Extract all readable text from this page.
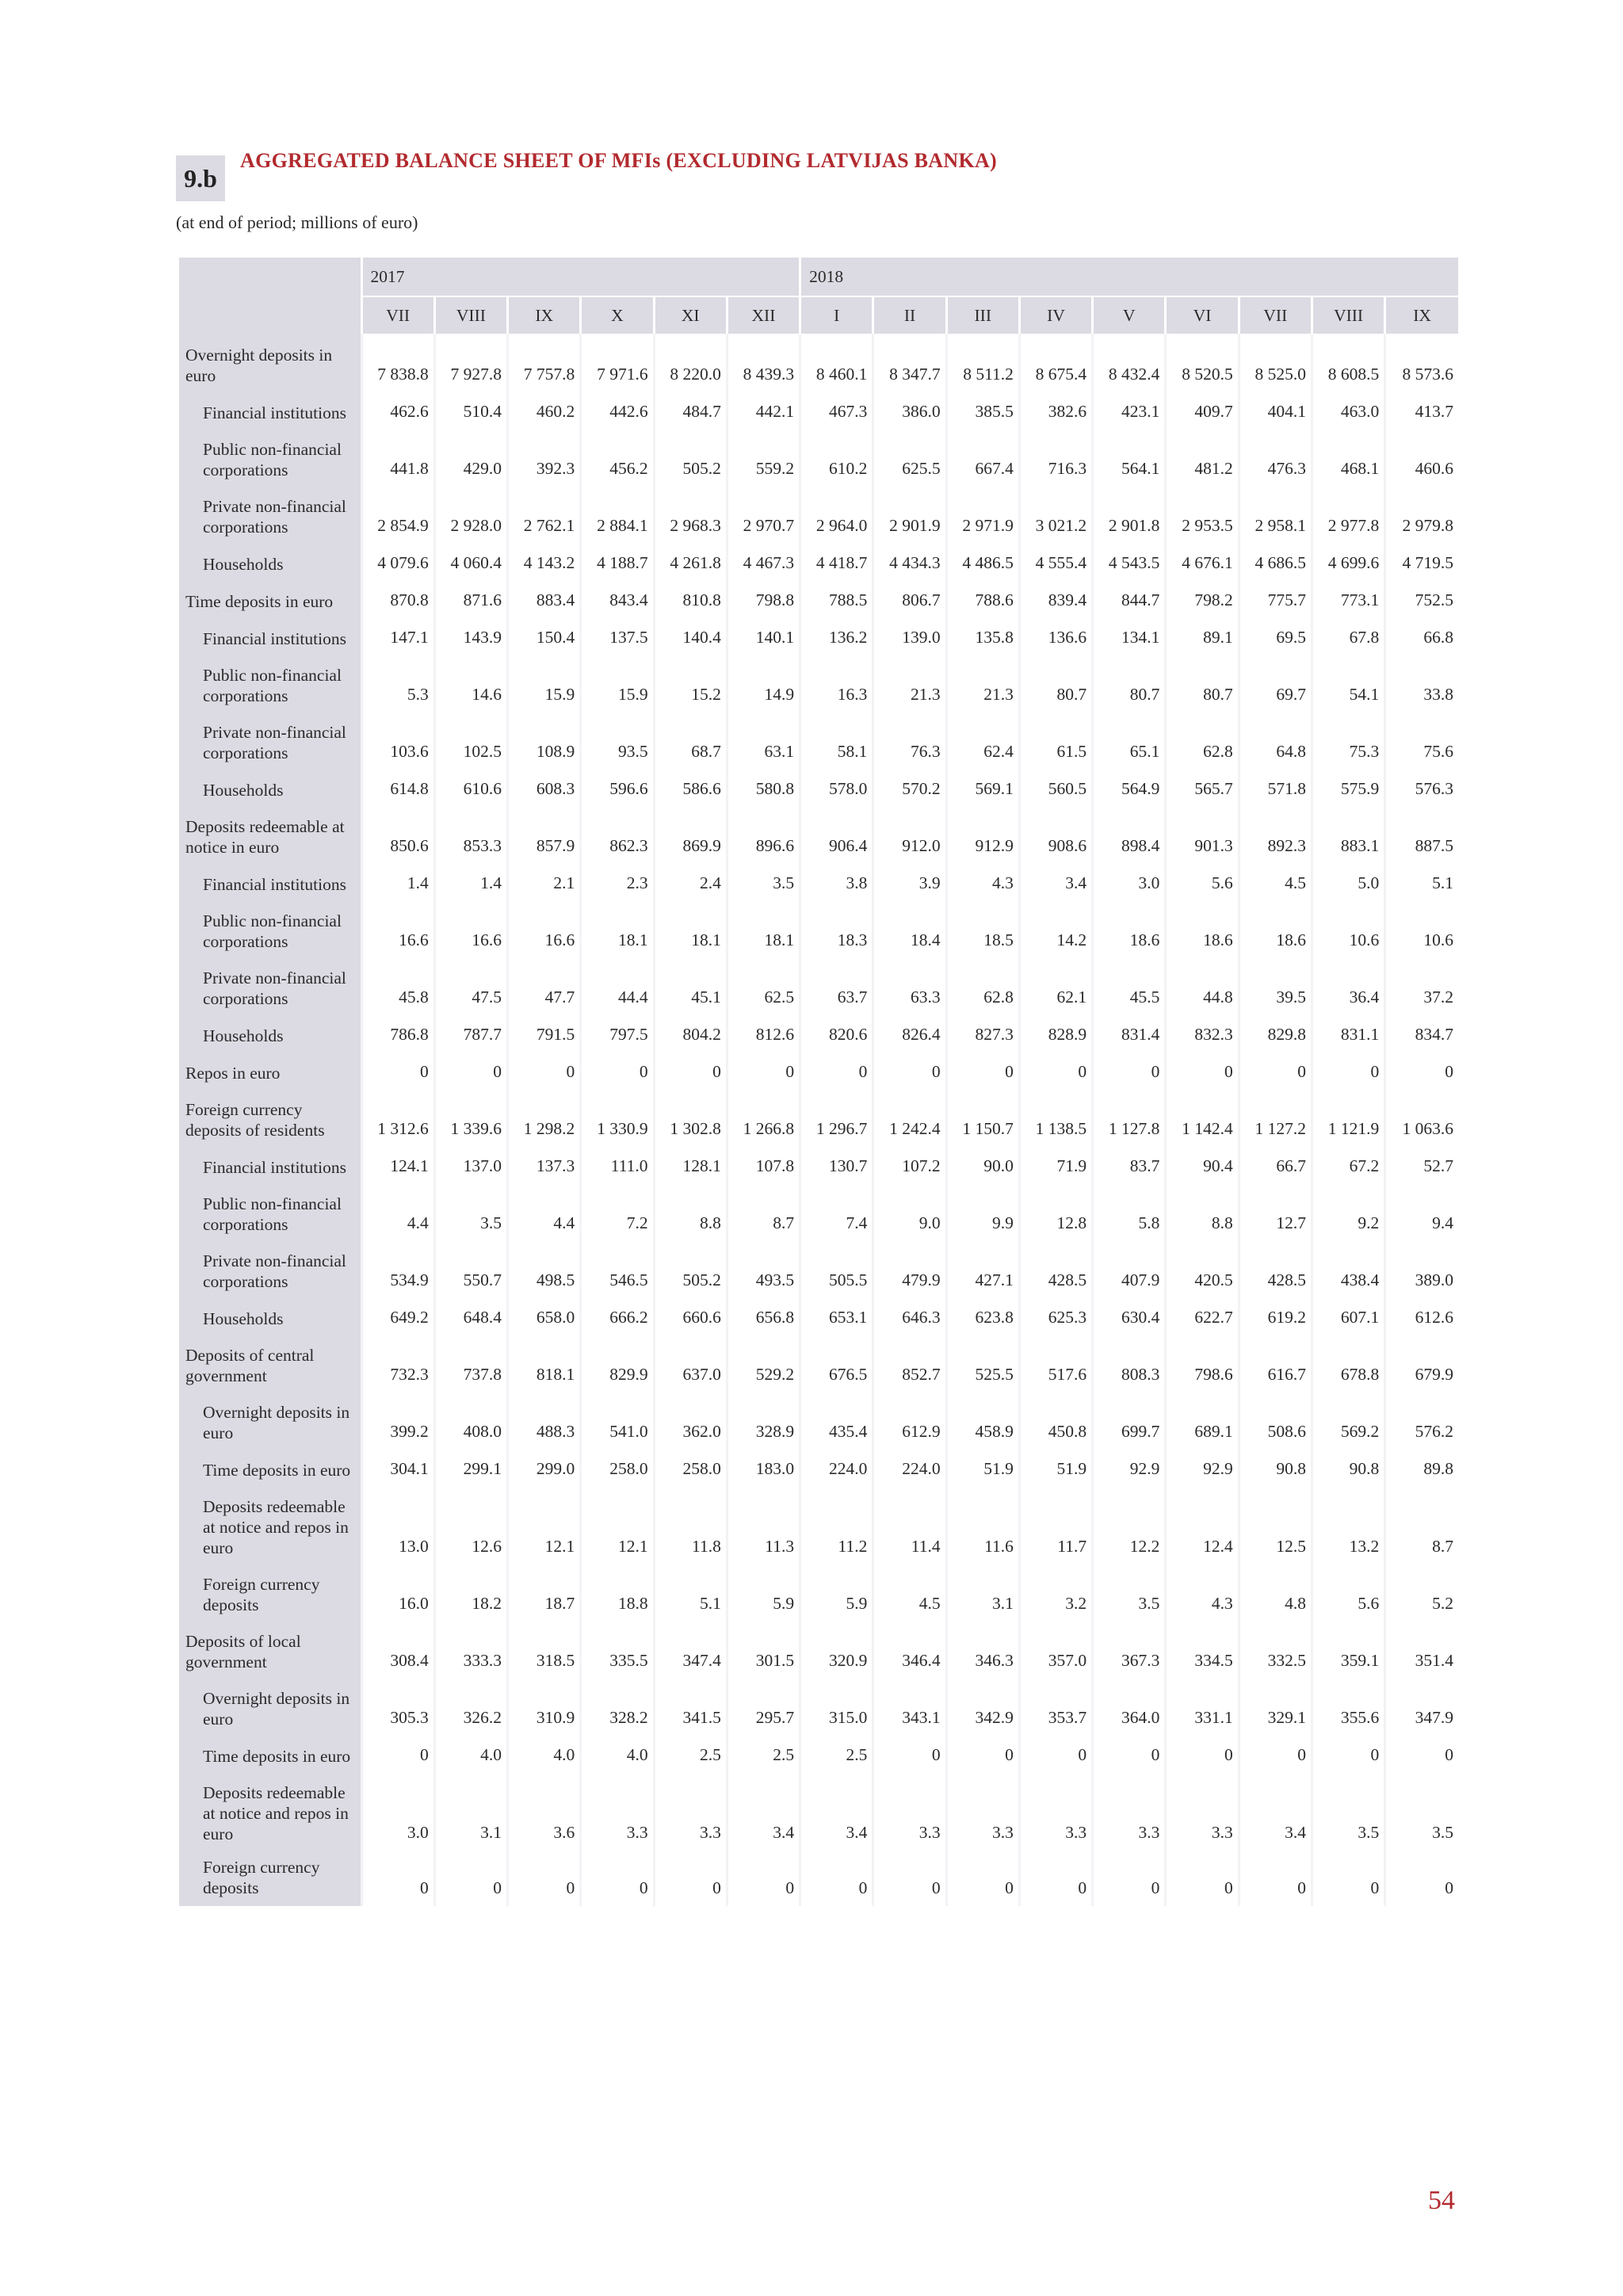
9.b
AGGREGATED BALANCE SHEET OF MFIs (EXCLUDING LATVIJAS BANKA)
(at end of period; millions of euro)
	2017						2018								
	VII	VIII	IX	X	XI	XII	I	II	III	IV	V	VI	VII	VIII	IX
Overnight deposits in euro	7 838.8	7 927.8	7 757.8	7 971.6	8 220.0	8 439.3	8 460.1	8 347.7	8 511.2	8 675.4	8 432.4	8 520.5	8 525.0	8 608.5	8 573.6
Financial institutions	462.6	510.4	460.2	442.6	484.7	442.1	467.3	386.0	385.5	382.6	423.1	409.7	404.1	463.0	413.7
Public non-financial corporations	441.8	429.0	392.3	456.2	505.2	559.2	610.2	625.5	667.4	716.3	564.1	481.2	476.3	468.1	460.6
Private non-financial corporations	2 854.9	2 928.0	2 762.1	2 884.1	2 968.3	2 970.7	2 964.0	2 901.9	2 971.9	3 021.2	2 901.8	2 953.5	2 958.1	2 977.8	2 979.8
Households	4 079.6	4 060.4	4 143.2	4 188.7	4 261.8	4 467.3	4 418.7	4 434.3	4 486.5	4 555.4	4 543.5	4 676.1	4 686.5	4 699.6	4 719.5
Time deposits in euro	870.8	871.6	883.4	843.4	810.8	798.8	788.5	806.7	788.6	839.4	844.7	798.2	775.7	773.1	752.5
Financial institutions	147.1	143.9	150.4	137.5	140.4	140.1	136.2	139.0	135.8	136.6	134.1	89.1	69.5	67.8	66.8
Public non-financial corporations	5.3	14.6	15.9	15.9	15.2	14.9	16.3	21.3	21.3	80.7	80.7	80.7	69.7	54.1	33.8
Private non-financial corporations	103.6	102.5	108.9	93.5	68.7	63.1	58.1	76.3	62.4	61.5	65.1	62.8	64.8	75.3	75.6
Households	614.8	610.6	608.3	596.6	586.6	580.8	578.0	570.2	569.1	560.5	564.9	565.7	571.8	575.9	576.3
Deposits redeemable at notice in euro	850.6	853.3	857.9	862.3	869.9	896.6	906.4	912.0	912.9	908.6	898.4	901.3	892.3	883.1	887.5
Financial institutions	1.4	1.4	2.1	2.3	2.4	3.5	3.8	3.9	4.3	3.4	3.0	5.6	4.5	5.0	5.1
Public non-financial corporations	16.6	16.6	16.6	18.1	18.1	18.1	18.3	18.4	18.5	14.2	18.6	18.6	18.6	10.6	10.6
Private non-financial corporations	45.8	47.5	47.7	44.4	45.1	62.5	63.7	63.3	62.8	62.1	45.5	44.8	39.5	36.4	37.2
Households	786.8	787.7	791.5	797.5	804.2	812.6	820.6	826.4	827.3	828.9	831.4	832.3	829.8	831.1	834.7
Repos in euro	0	0	0	0	0	0	0	0	0	0	0	0	0	0	0
Foreign currency deposits of residents	1 312.6	1 339.6	1 298.2	1 330.9	1 302.8	1 266.8	1 296.7	1 242.4	1 150.7	1 138.5	1 127.8	1 142.4	1 127.2	1 121.9	1 063.6
Financial institutions	124.1	137.0	137.3	111.0	128.1	107.8	130.7	107.2	90.0	71.9	83.7	90.4	66.7	67.2	52.7
Public non-financial corporations	4.4	3.5	4.4	7.2	8.8	8.7	7.4	9.0	9.9	12.8	5.8	8.8	12.7	9.2	9.4
Private non-financial corporations	534.9	550.7	498.5	546.5	505.2	493.5	505.5	479.9	427.1	428.5	407.9	420.5	428.5	438.4	389.0
Households	649.2	648.4	658.0	666.2	660.6	656.8	653.1	646.3	623.8	625.3	630.4	622.7	619.2	607.1	612.6
Deposits of central government	732.3	737.8	818.1	829.9	637.0	529.2	676.5	852.7	525.5	517.6	808.3	798.6	616.7	678.8	679.9
Overnight deposits in euro	399.2	408.0	488.3	541.0	362.0	328.9	435.4	612.9	458.9	450.8	699.7	689.1	508.6	569.2	576.2
Time deposits in euro	304.1	299.1	299.0	258.0	258.0	183.0	224.0	224.0	51.9	51.9	92.9	92.9	90.8	90.8	89.8
Deposits redeemable at notice and repos in euro	13.0	12.6	12.1	12.1	11.8	11.3	11.2	11.4	11.6	11.7	12.2	12.4	12.5	13.2	8.7
Foreign currency deposits	16.0	18.2	18.7	18.8	5.1	5.9	5.9	4.5	3.1	3.2	3.5	4.3	4.8	5.6	5.2
Deposits of local government	308.4	333.3	318.5	335.5	347.4	301.5	320.9	346.4	346.3	357.0	367.3	334.5	332.5	359.1	351.4
Overnight deposits in euro	305.3	326.2	310.9	328.2	341.5	295.7	315.0	343.1	342.9	353.7	364.0	331.1	329.1	355.6	347.9
Time deposits in euro	0	4.0	4.0	4.0	2.5	2.5	2.5	0	0	0	0	0	0	0	0
Deposits redeemable at notice and repos in euro	3.0	3.1	3.6	3.3	3.3	3.4	3.4	3.3	3.3	3.3	3.3	3.3	3.4	3.5	3.5
Foreign currency deposits	0	0	0	0	0	0	0	0	0	0	0	0	0	0	0
54
